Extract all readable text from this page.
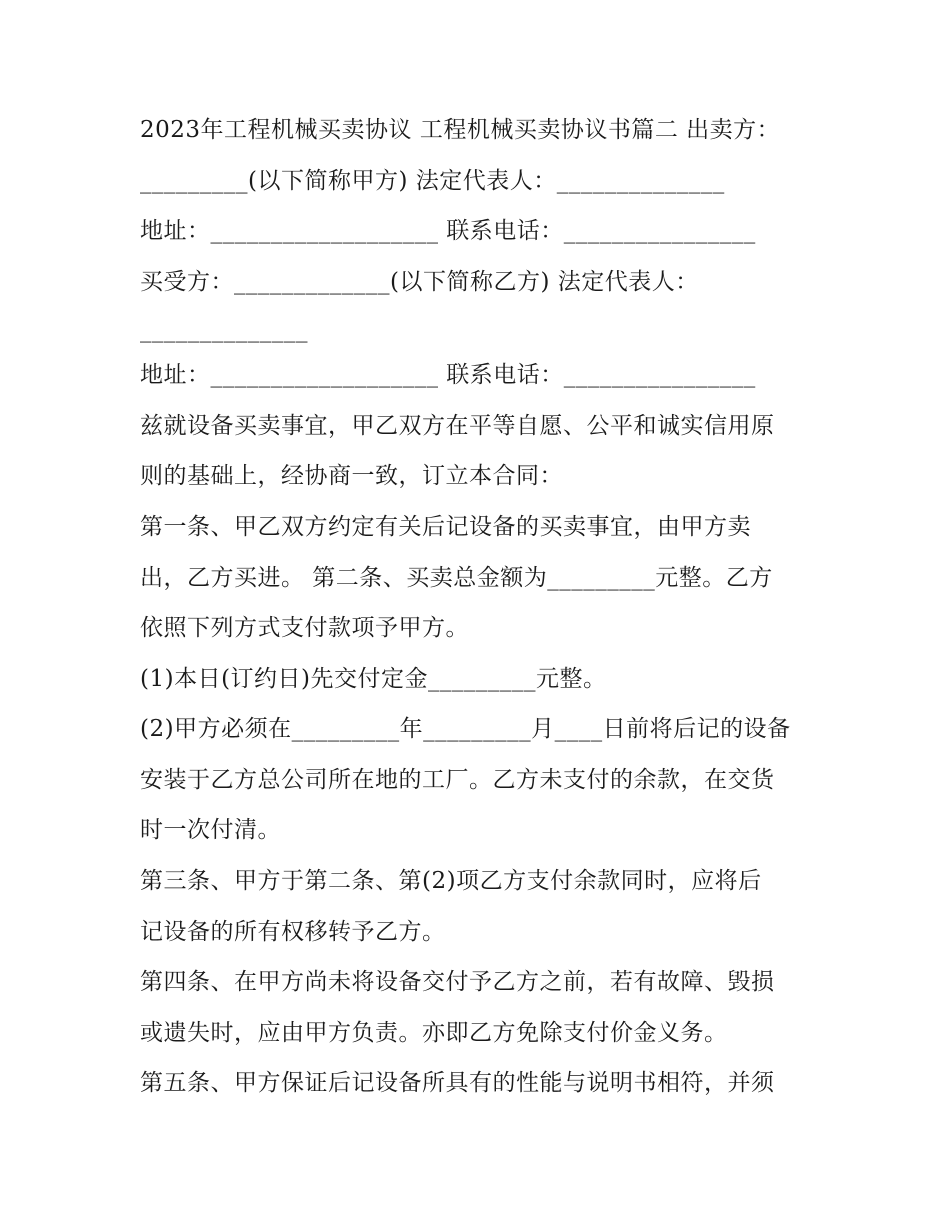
2023年工程机械买卖协议 工程机械买卖协议书篇二 出卖方：
_________(以下简称甲方) 法定代表人：______________
地址：___________________ 联系电话：________________
买受方：_____________(以下简称乙方) 法定代表人：
______________
地址：___________________ 联系电话：________________
兹就设备买卖事宜，甲乙双方在平等自愿、公平和诚实信用原
则的基础上，经协商一致，订立本合同：
第一条、甲乙双方约定有关后记设备的买卖事宜，由甲方卖
出，乙方买进。 第二条、买卖总金额为_________元整。乙方
依照下列方式支付款项予甲方。
(1)本日(订约日)先交付定金_________元整。
(2)甲方必须在_________年_________月____日前将后记的设备
安装于乙方总公司所在地的工厂。乙方未支付的余款，在交货
时一次付清。
第三条、甲方于第二条、第(2)项乙方支付余款同时，应将后
记设备的所有权移转予乙方。
第四条、在甲方尚未将设备交付予乙方之前，若有故障、毁损
或遗失时，应由甲方负责。亦即乙方免除支付价金义务。
第五条、甲方保证后记设备所具有的性能与说明书相符，并须
